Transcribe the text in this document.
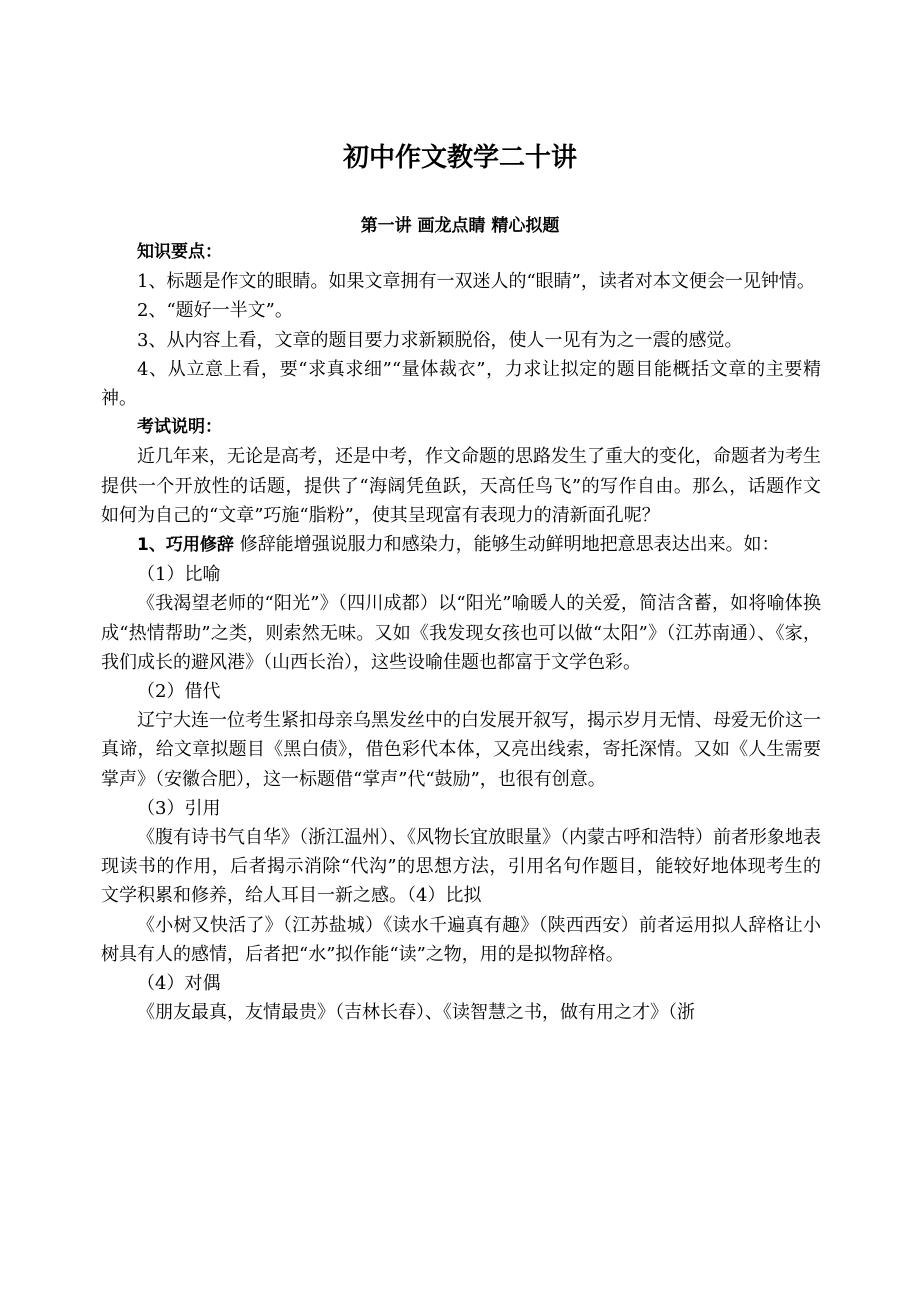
初中作文教学二十讲
第一讲 画龙点睛 精心拟题

知识要点：

1、标题是作文的眼睛。如果文章拥有一双迷人的“眼睛”，读者对本文便会一见钟情。

2、“题好一半文”。

3、从内容上看，文章的题目要力求新颖脱俗，使人一见有为之一震的感觉。

4、从立意上看，要“求真求细”“量体裁衣”，力求让拟定的题目能概括文章的主要精神。

考试说明：

近几年来，无论是高考，还是中考，作文命题的思路发生了重大的变化，命题者为考生提供一个开放性的话题，提供了“海阔凭鱼跃，天高任鸟飞”的写作自由。那么，话题作文如何为自己的“文章”巧施“脂粉”，使其呈现富有表现力的清新面孔呢？

1、巧用修辞 修辞能增强说服力和感染力，能够生动鲜明地把意思表达出来。如：

（1）比喻

《我渴望老师的“阳光”》（四川成都）以“阳光”喻暖人的关爱，简洁含蓄，如将喻体换成“热情帮助”之类，则索然无味。又如《我发现女孩也可以做“太阳”》（江苏南通）、《家，我们成长的避风港》（山西长治），这些设喻佳题也都富于文学色彩。

（2）借代

辽宁大连一位考生紧扣母亲乌黑发丝中的白发展开叙写，揭示岁月无情、母爱无价这一真谛，给文章拟题目《黑白债》，借色彩代本体，又亮出线索，寄托深情。又如《人生需要掌声》（安徽合肥），这一标题借“掌声”代“鼓励”，也很有创意。

（3）引用

《腹有诗书气自华》（浙江温州）、《风物长宜放眼量》（内蒙古呼和浩特）前者形象地表现读书的作用，后者揭示消除“代沟”的思想方法，引用名句作题目，能较好地体现考生的文学积累和修养，给人耳目一新之感。（4）比拟

《小树又快活了》（江苏盐城）《读水千遍真有趣》（陕西西安）前者运用拟人辞格让小树具有人的感情，后者把“水”拟作能“读”之物，用的是拟物辞格。

（4）对偶

《朋友最真，友情最贵》（吉林长春）、《读智慧之书，做有用之才》（浙
